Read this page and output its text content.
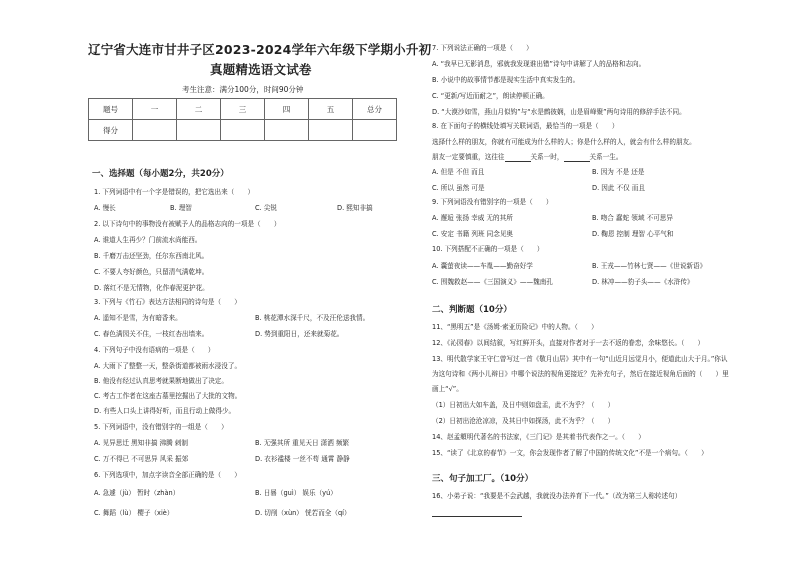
辽宁省大连市甘井子区2023-2024学年六年级下学期小升初
真题精选语文试卷
考生注意：满分100分，时间90分钟
题号	一	二	三	四	五	总分
得分						
一、选择题（每小题2分，共20分）
1. 下列词语中有一个字是错误的，把它选出来（　　）
A. 慢长	B. 理智	C. 尖锐	D. 熙知非搞
2. 以下诗句中的事物没有被赋予人的品格志向的一项是（　　）
A. 谁道人生再少？门前流水尚能西。
B. 千磨万击还坚劲，任尔东西南北风。
C. 不要人夸好颜色，只留清气满乾坤。
D. 落红不是无情物，化作春泥更护花。
3. 下列与《竹石》表达方法相同的诗句是（　　）
A. 遥知不是雪，为有暗香来。	B. 桃花潭水深千尺，不及汪伦送我情。
C. 春色满园关不住，一枝红杏出墙来。	D. 势到重阳日，还来就菊花。
4. 下列句子中没有语病的一项是（　　）
A. 大雨下了整整一天，整条街道都被雨水浸没了。
B. 他没有经过认真思考就果断地做出了决定。
C. 考古工作者在这座古墓里挖掘出了大批的文物。
D. 有些人口头上讲得好听，而且行动上做得少。
5. 下列词语中，没有错别字的一组是（　　）
A. 见异思迁 黑知非搞 沸腾 刺制	B. 无强其所 重见天日 潇洒 频繁
C. 万不得已 不可思异 风采 振郊	D. 衣衫褴楼 一丝不苟 通霄 静静
6. 下列选项中，加点字读音全部正确的是（　　）
A. 急遽（jù） 暂时（zhàn）	B. 日晷（guì） 娱乐（yú）
C. 舞蹈（lù） 樱子（xiè）	D. 切削（xùn） 恍若而全（qí）
7. 下列说法正确的一项是（　　）
A. “我早已无影消息，邪就我发现谁出错”诗句中讲解了人的品格和志向。
B. 小说中的故事情节都是现实生活中真实发生的。
C. “更新/写近而耐之”，朗读停顿正确。
D. “大漠沙如雪，燕山月似钩”与“水是鹧彼娴，山是眉峰聚”两句诗用的修辞手法不同。
8. 在下面句子的横线处填写关联词语，最恰当的一项是（　　）
选择什么样的朋友，你就有可能成为什么样的人；你是什么样的人，就会有什么样的朋友。
朋友一定要慎重，这往往	关系一时，	关系一生。
A. 但是 不但 而且	B. 因为 不是 还是
C. 所以 虽然 可是	D. 因此 不仅 而且
9. 下列词语没有错别字的一项是（　　）
A. 邂逅 张扬 幸威 无的其所	B. 吻合 蠢蛇 领域 不可思异
C. 安定 书籍 列班 同念见奥	D. 鞠恩 控制 理智 心平气和
10. 下列搭配不正确的一项是（　　）
A. 囊萤夜读——车胤——勤奋好学	B. 王戎——竹林七贤——《世说新语》
C. 围魏救赵——《三国演义》——魏南孔	D. 林冲——豹子头——《水浒传》
二、判断题（10分）
11、“黑明五”是《汤姆·索亚历险记》中的人物。（　　）
12、《沁园春》以间结叙，写红鲜开头，直接对作者对于一去不返的眷恋，余味悠长。（　　）
13、明代散学家王守仁曾写过一首《敬月山居》其中有一句“山近月远觉月小，便道此山大于月。”你认
为这句诗和《两小儿辩日》中哪个说法的视角更接近？先补充句子，然后在接近视角后面的（　　）里
画上“√”。
（1）日初出大如车盖，及日中则如盘盂，此不为乎？（　　）
（2）日初出沧沧凉凉，及其日中如探汤，此不为乎？（　　）
14、赵孟頫明代著名的书法家，《三门记》是其着书代表作之一。（　　）
15、“读了《北京的春节》一文，你会发现作者了解了中国的传统文化”不是一个病句。（　　）
三、句子加工厂。（10分）
16、小弟子说：“我要是不会武越，我就没办法养育下一代。”（改为第三人称转述句）
